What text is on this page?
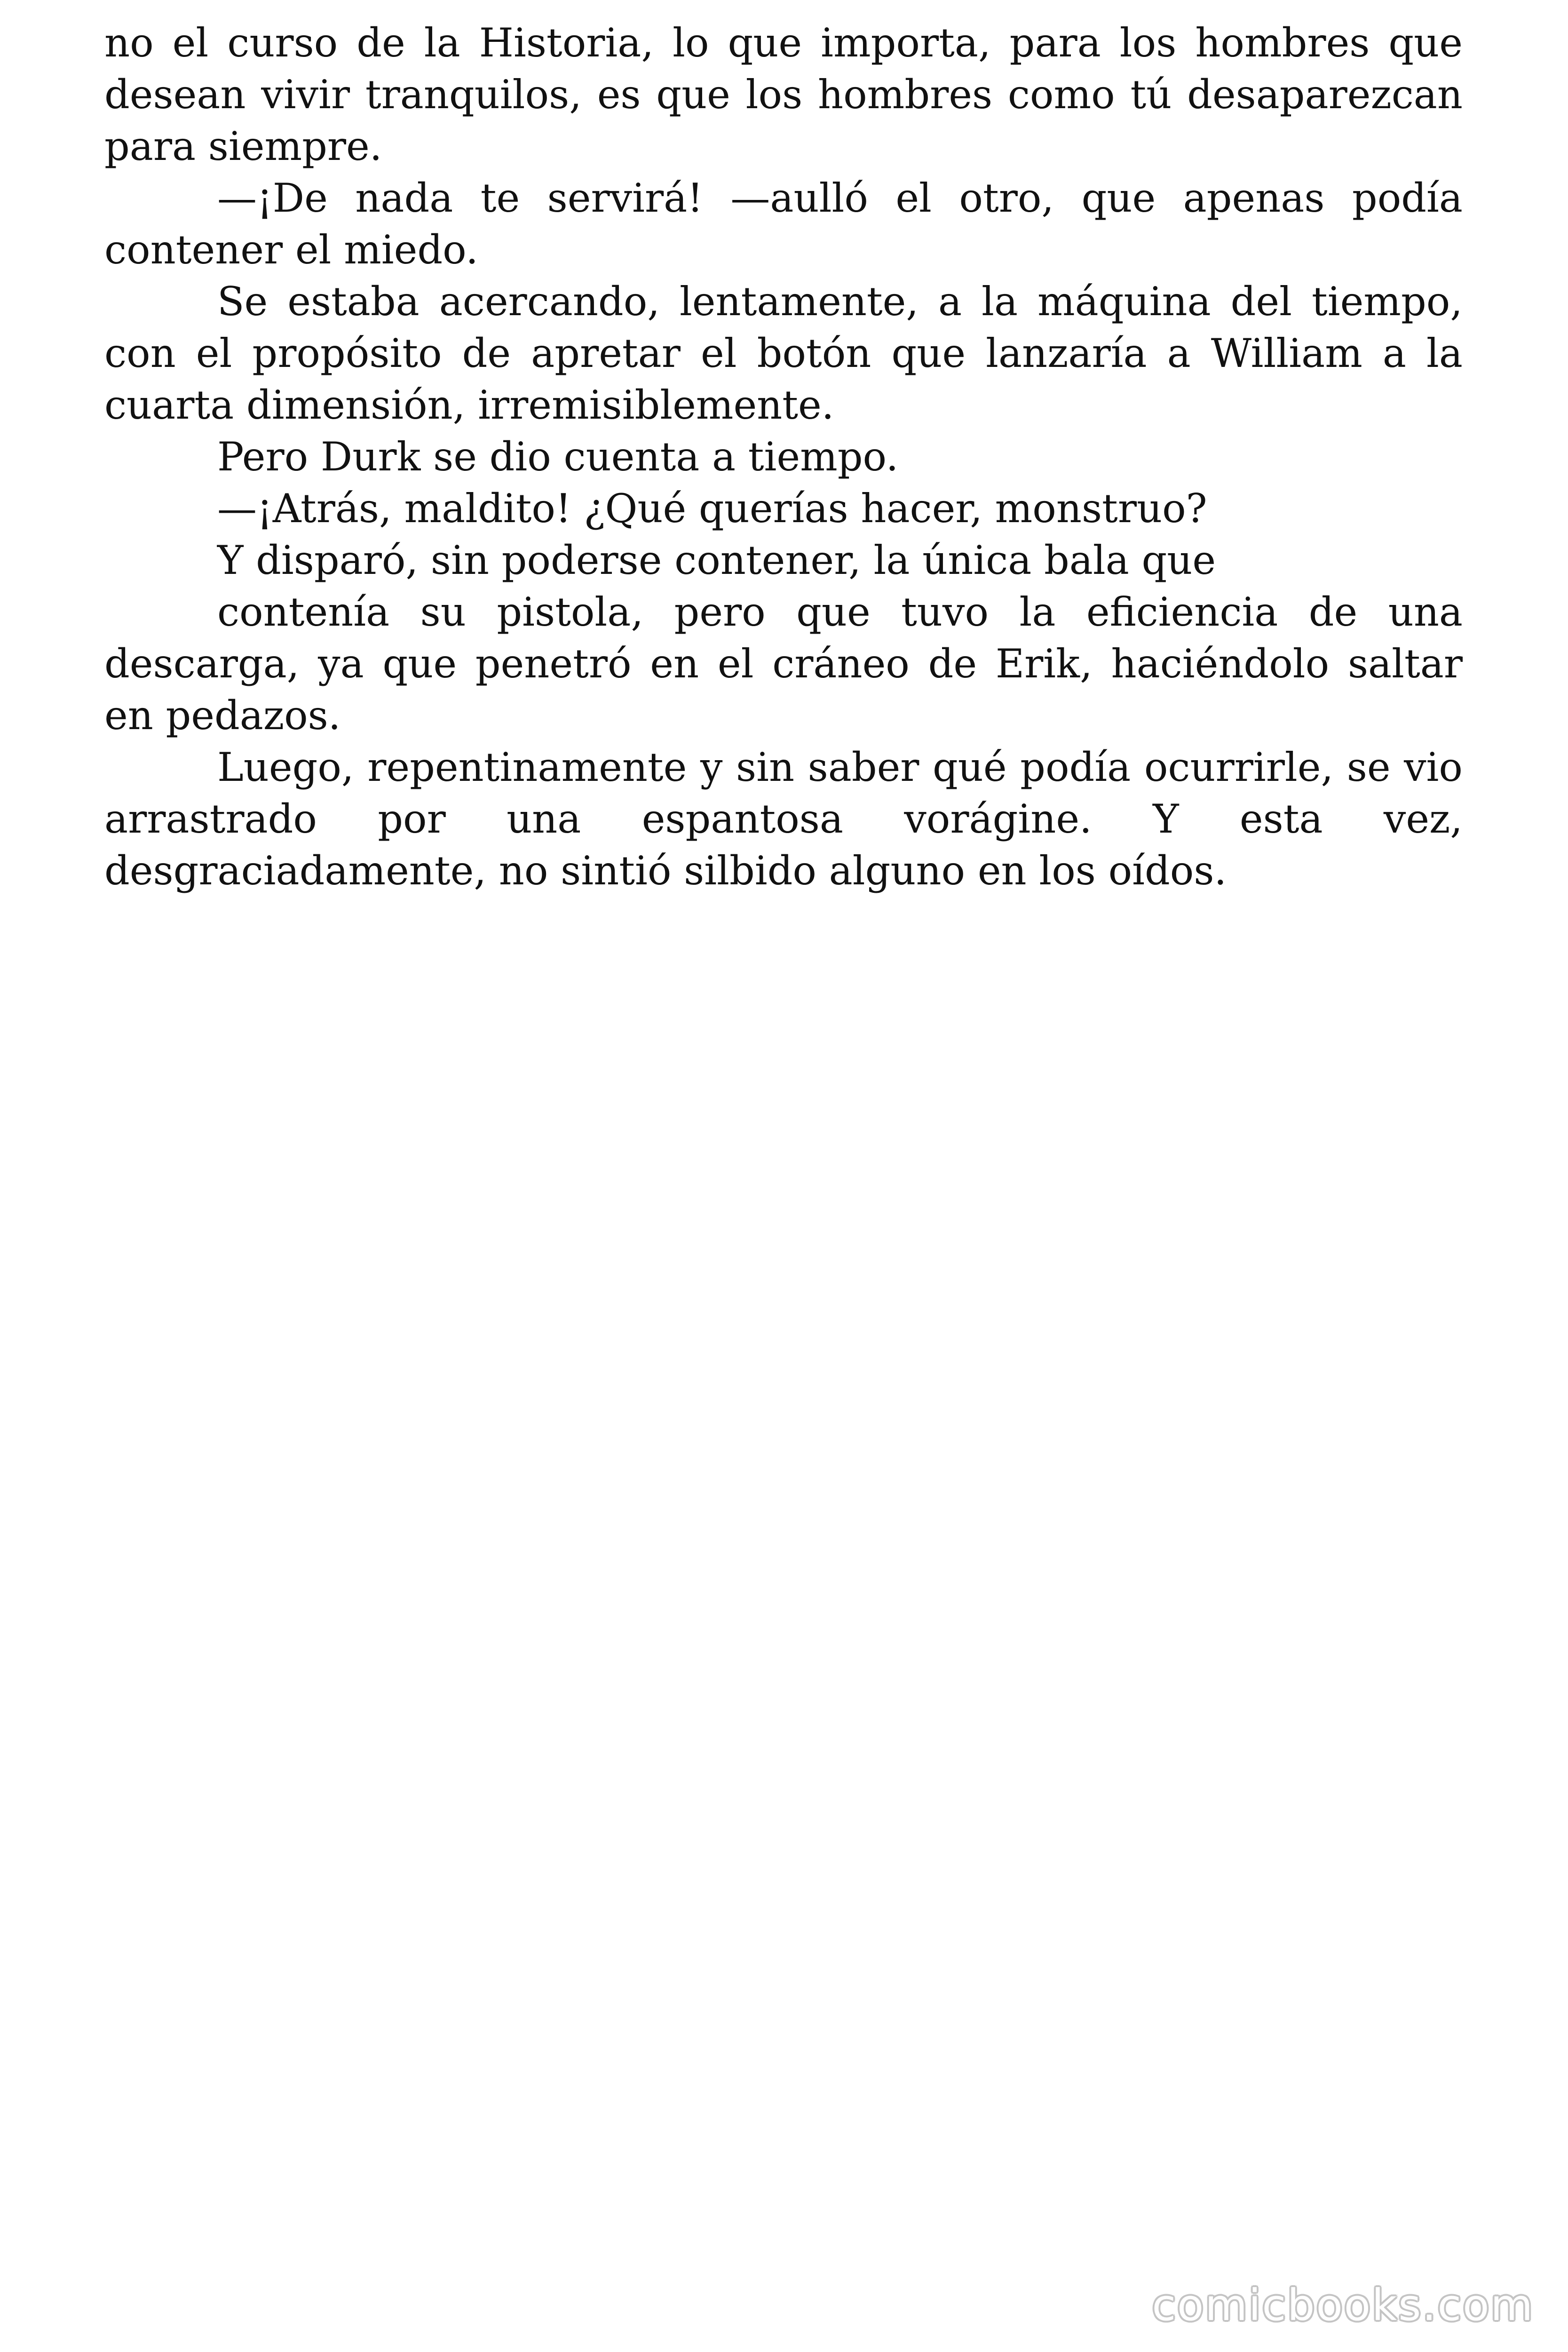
no el curso de la Historia, lo que importa, para los hombres que desean vivir tranquilos, es que los hombres como tú desaparezcan para siempre.

—¡De nada te servirá! —aulló el otro, que apenas podía contener el miedo.

Se estaba acercando, lentamente, a la máquina del tiempo, con el propósito de apretar el botón que lanzaría a William a la cuarta dimensión, irremisiblemente.

Pero Durk se dio cuenta a tiempo.

—¡Atrás, maldito! ¿Qué querías hacer, monstruo?

Y disparó, sin poderse contener, la única bala que

contenía su pistola, pero que tuvo la eficiencia de una descarga, ya que penetró en el cráneo de Erik, haciéndolo saltar en pedazos.

Luego, repentinamente y sin saber qué podía ocurrirle, se vio arrastrado por una espantosa vorágine. Y esta vez, desgraciadamente, no sintió silbido alguno en los oídos.

comicbooks.com
